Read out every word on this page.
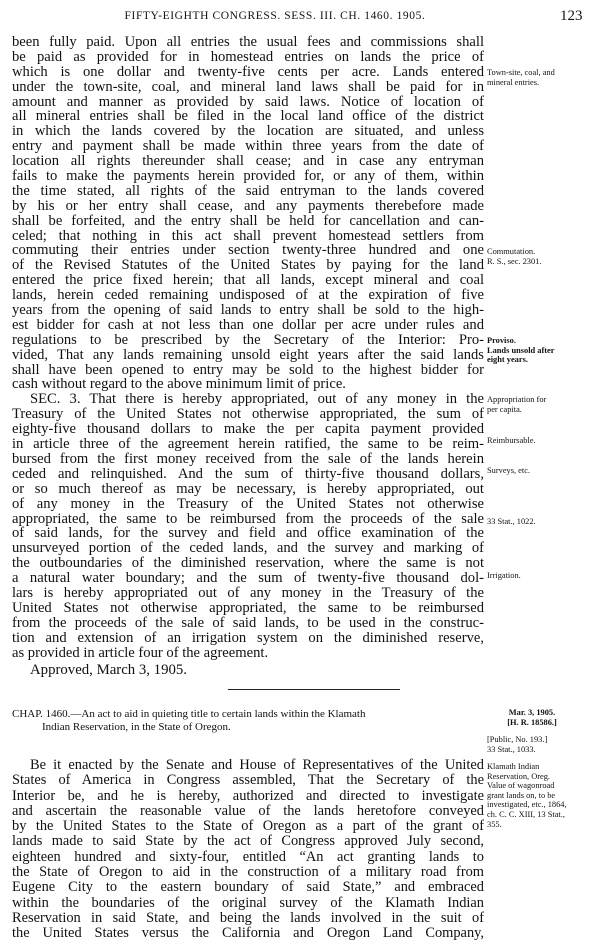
FIFTY-EIGHTH CONGRESS. SESS. III. CH. 1460. 1905.	123
been fully paid. Upon all entries the usual fees and commissions shall
be paid as provided for in homestead entries on lands the price of
which is one dollar and twenty-five cents per acre. Lands entered
under the town-site, coal, and mineral land laws shall be paid for in
amount and manner as provided by said laws. Notice of location of
all mineral entries shall be filed in the local land office of the district
in which the lands covered by the location are situated, and unless
entry and payment shall be made within three years from the date of
location all rights thereunder shall cease; and in case any entryman
fails to make the payments herein provided for, or any of them, within
the time stated, all rights of the said entryman to the lands covered
by his or her entry shall cease, and any payments therebefore made
shall be forfeited, and the entry shall be held for cancellation and can-
celed; that nothing in this act shall prevent homestead settlers from
commuting their entries under section twenty-three hundred and one
of the Revised Statutes of the United States by paying for the land
entered the price fixed herein; that all lands, except mineral and coal
lands, herein ceded remaining undisposed of at the expiration of five
years from the opening of said lands to entry shall be sold to the high-
est bidder for cash at not less than one dollar per acre under rules and
regulations to be prescribed by the Secretary of the Interior: Pro-
vided, That any lands remaining unsold eight years after the said lands
shall have been opened to entry may be sold to the highest bidder for
cash without regard to the above minimum limit of price.
SEC. 3. That there is hereby appropriated, out of any money in the
Treasury of the United States not otherwise appropriated, the sum of
eighty-five thousand dollars to make the per capita payment provided
in article three of the agreement herein ratified, the same to be reim-
bursed from the first money received from the sale of the lands herein
ceded and relinquished. And the sum of thirty-five thousand dollars,
or so much thereof as may be necessary, is hereby appropriated, out
of any money in the Treasury of the United States not otherwise
appropriated, the same to be reimbursed from the proceeds of the sale
of said lands, for the survey and field and office examination of the
unsurveyed portion of the ceded lands, and the survey and marking of
the outboundaries of the diminished reservation, where the same is not
a natural water boundary; and the sum of twenty-five thousand dol-
lars is hereby appropriated out of any money in the Treasury of the
United States not otherwise appropriated, the same to be reimbursed
from the proceeds of the sale of said lands, to be used in the construc-
tion and extension of an irrigation system on the diminished reserve,
as provided in article four of the agreement.
Approved, March 3, 1905.
CHAP. 1460.—An act to aid in quieting title to certain lands within the Klamath
Indian Reservation, in the State of Oregon.
Be it enacted by the Senate and House of Representatives of the United
States of America in Congress assembled, That the Secretary of the
Interior be, and he is hereby, authorized and directed to investigate
and ascertain the reasonable value of the lands heretofore conveyed
by the United States to the State of Oregon as a part of the grant of
lands made to said State by the act of Congress approved July second,
eighteen hundred and sixty-four, entitled “An act granting lands to
the State of Oregon to aid in the construction of a military road from
Eugene City to the eastern boundary of said State,” and embraced
within the boundaries of the original survey of the Klamath Indian
Reservation in said State, and being the lands involved in the suit of
the United States versus the California and Oregon Land Company,
Town-site, coal, and
mineral entries.
Commutation.
R. S., sec. 2301.
Proviso.
Lands unsold after
eight years.
Appropriation for
per capita.
Reimbursable.
Surveys, etc.
33 Stat., 1022.
Irrigation.
Mar. 3, 1905.
[H. R. 18586.]
[Public, No. 193.]
33 Stat., 1033.
Klamath Indian
Reservation, Oreg.
Value of wagonroad
grant lands on, to be
investigated, etc., 1864,
ch. C. C. XIII, 13 Stat.,
355.
